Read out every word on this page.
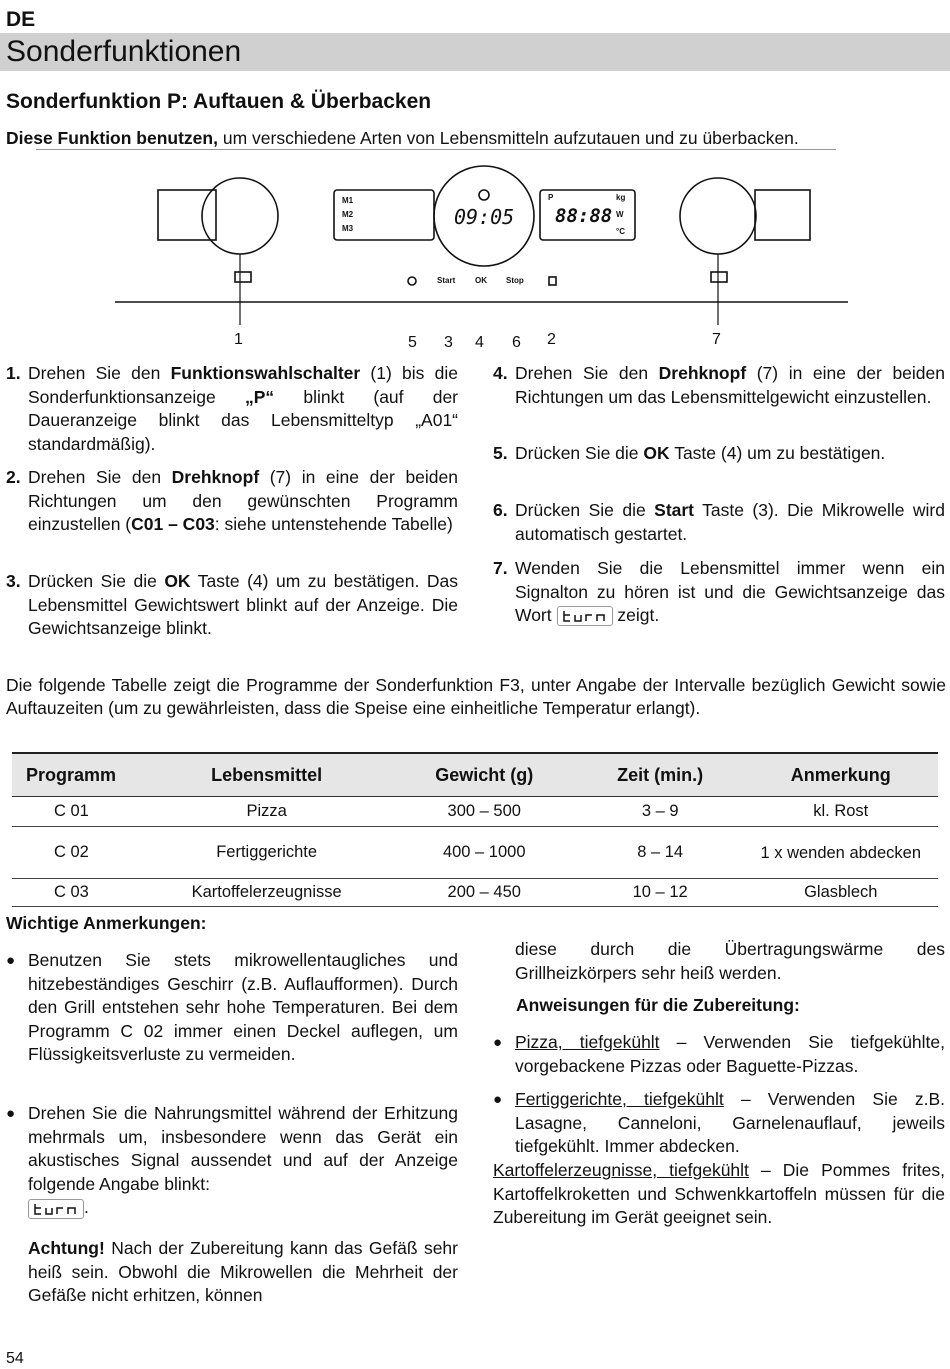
DE
Sonderfunktionen
Sonderfunktion P: Auftauen & Überbacken
Diese Funktion benutzen, um verschiedene Arten von Lebensmitteln aufzutauen und zu überbacken.
M1
M2
M3
P	kg
W
°C
Start OK Stop
09:05 88:88
1	5 3 4 6 2	7
1. Drehen Sie den Funktionswahlschalter (1) bis die Sonderfunktionsanzeige „P“ blinkt (auf der Daueranzeige blinkt das Lebensmitteltyp „A01“ standardmäßig).
2. Drehen Sie den Drehknopf (7) in eine der beiden Richtungen um den gewünschten Programm einzustellen (C01 – C03: siehe untenstehende Tabelle)
3. Drücken Sie die OK Taste (4) um zu bestätigen. Das Lebensmittel Gewichtswert blinkt auf der Anzeige. Die Gewichtsanzeige blinkt.
4. Drehen Sie den Drehknopf (7) in eine der beiden Richtungen um das Lebensmittelgewicht einzustellen.
5. Drücken Sie die OK Taste (4) um zu bestätigen.
6. Drücken Sie die Start Taste (3). Die Mikrowelle wird automatisch gestartet.
7. Wenden Sie die Lebensmittel immer wenn ein Signalton zu hören ist und die Gewichtsanzeige das Wort	zeigt.
Die folgende Tabelle zeigt die Programme der Sonderfunktion F3, unter Angabe der Intervalle bezüglich Gewicht sowie Auftauzeiten (um zu gewährleisten, dass die Speise eine einheitliche Temperatur erlangt).
Programm	Lebensmittel	Gewicht (g)	Zeit (min.)	Anmerkung
C 01	Pizza	300 – 500	3 – 9	kl. Rost
C 02	Fertiggerichte	400 – 1000	8 – 14	1 x wenden abdecken
C 03	Kartoffelerzeugnisse	200 – 450	10 – 12	Glasblech
Wichtige Anmerkungen:
● Benutzen Sie stets mikrowellentaugliches und hitzebeständiges Geschirr (z.B. Auflaufformen). Durch den Grill entstehen sehr hohe Temperaturen. Bei dem Programm C 02 immer einen Deckel auflegen, um Flüssigkeitsverluste zu vermeiden.
● Drehen Sie die Nahrungsmittel während der Erhitzung mehrmals um, insbesondere wenn das Gerät ein akustisches Signal aussendet und auf der Anzeige folgende Angabe blinkt:

.
Achtung! Nach der Zubereitung kann das Gefäß sehr heiß sein. Obwohl die Mikrowellen die Mehrheit der Gefäße nicht erhitzen, können
diese durch die Übertragungswärme des Grillheizkörpers sehr heiß werden.
Anweisungen für die Zubereitung:
● Pizza, tiefgekühlt – Verwenden Sie tiefgekühlte, vorgebackene Pizzas oder Baguette-Pizzas.
● Fertiggerichte, tiefgekühlt – Verwenden Sie z.B. Lasagne, Canneloni, Garnelenauflauf, jeweils tiefgekühlt. Immer abdecken.
Kartoffelerzeugnisse, tiefgekühlt – Die Pommes frites, Kartoffelkroketten und Schwenkkartoffeln müssen für die Zubereitung im Gerät geeignet sein.
54
